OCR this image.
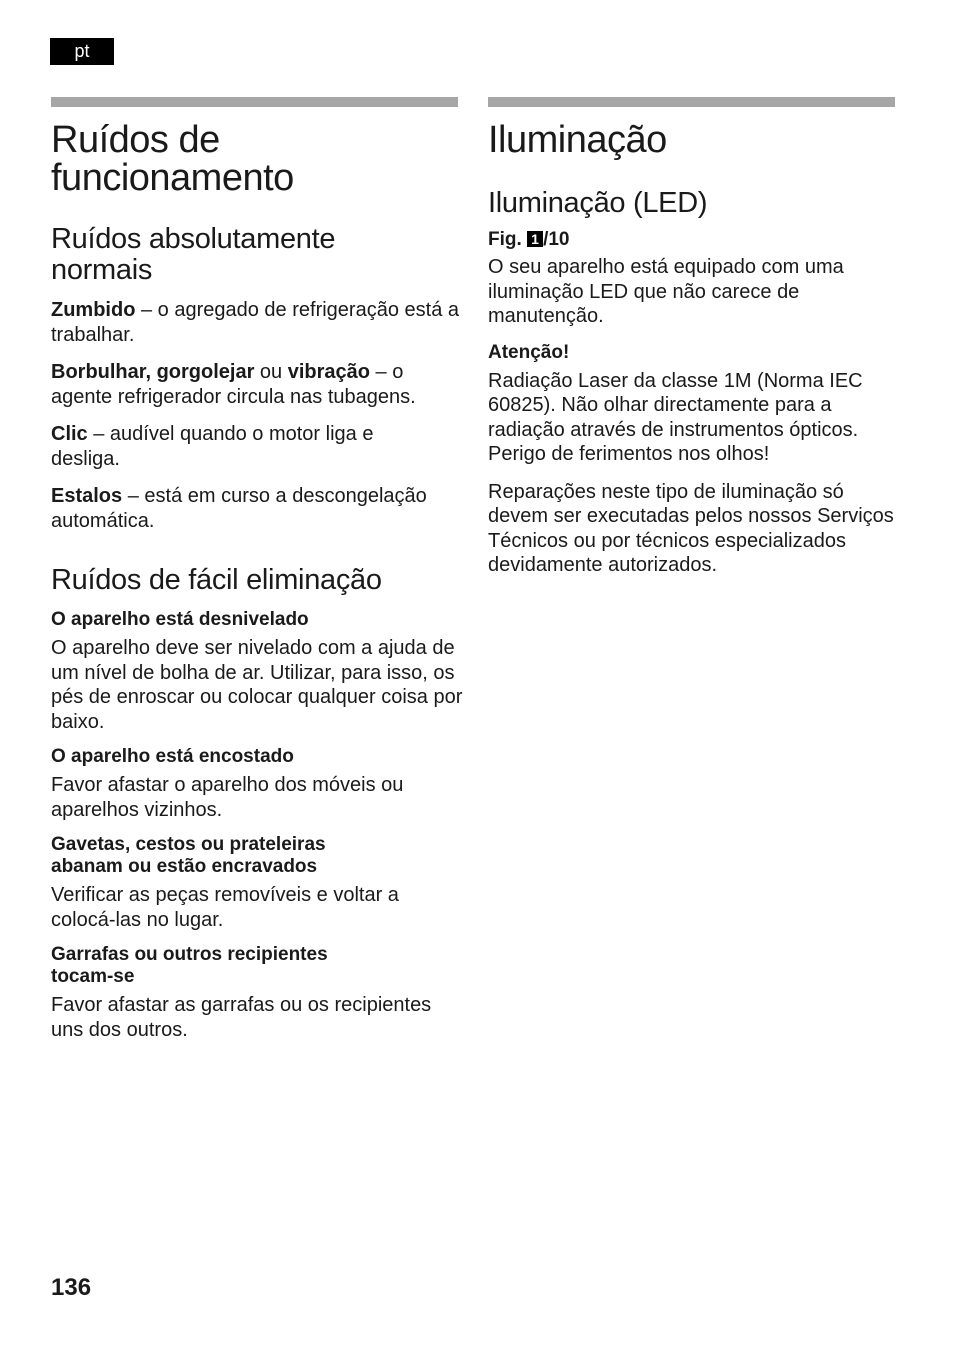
pt
Ruídos de funcionamento
Ruídos absolutamente normais

Zumbido – o agregado de refrigeração está a trabalhar.

Borbulhar, gorgolejar ou vibração – o agente refrigerador circula nas tubagens.

Clic – audível quando o motor liga e desliga.

Estalos – está em curso a descongelação automática.

Ruídos de fácil eliminação
O aparelho está desnivelado

O aparelho deve ser nivelado com a ajuda de um nível de bolha de ar. Utilizar, para isso, os pés de enroscar ou colocar qualquer coisa por baixo.

O aparelho está encostado

Favor afastar o aparelho dos móveis ou aparelhos vizinhos.

Gavetas, cestos ou prateleiras abanam ou estão encravados

Verificar as peças removíveis e voltar a colocá-las no lugar.

Garrafas ou outros recipientes tocam-se

Favor afastar as garrafas ou os recipientes uns dos outros.

Iluminação
Iluminação (LED)
Fig. 1 /10

O seu aparelho está equipado com uma iluminação LED que não carece de manutenção.

Atenção!

Radiação Laser da classe 1M (Norma IEC 60825). Não olhar directamente para a radiação através de instrumentos ópticos. Perigo de ferimentos nos olhos!

Reparações neste tipo de iluminação só devem ser executadas pelos nossos Serviços Técnicos ou por técnicos especializados devidamente autorizados.

136
